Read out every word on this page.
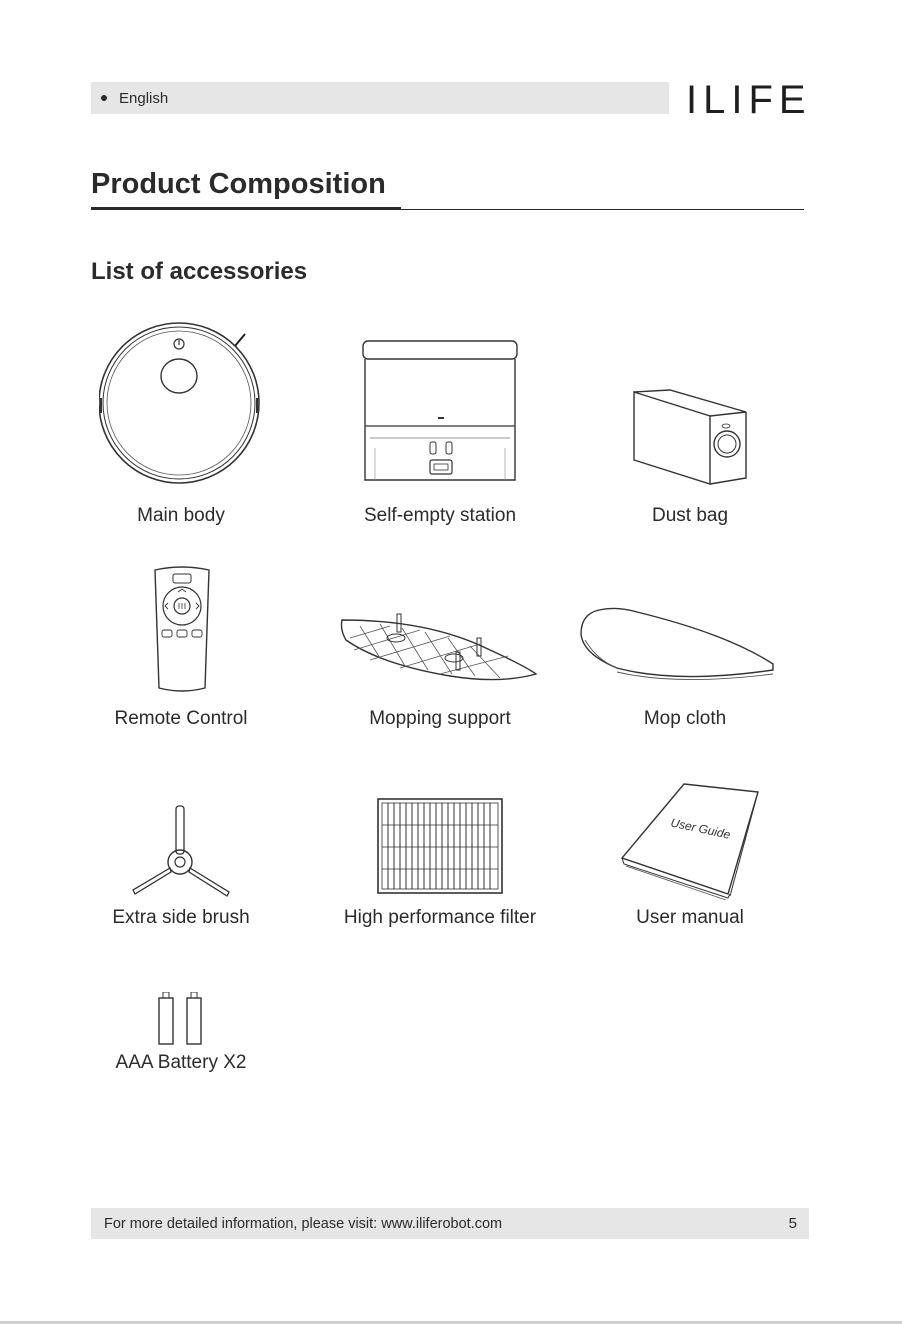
English	ILIFE
Product Composition
List of accessories
Main body	Self-empty station	Dust bag
Remote Control	Mopping support	Mop cloth
Extra side brush	High performance filter
User Guide
User manual
AAA Battery X2
For more detailed information, please visit: www.iliferobot.com	5
